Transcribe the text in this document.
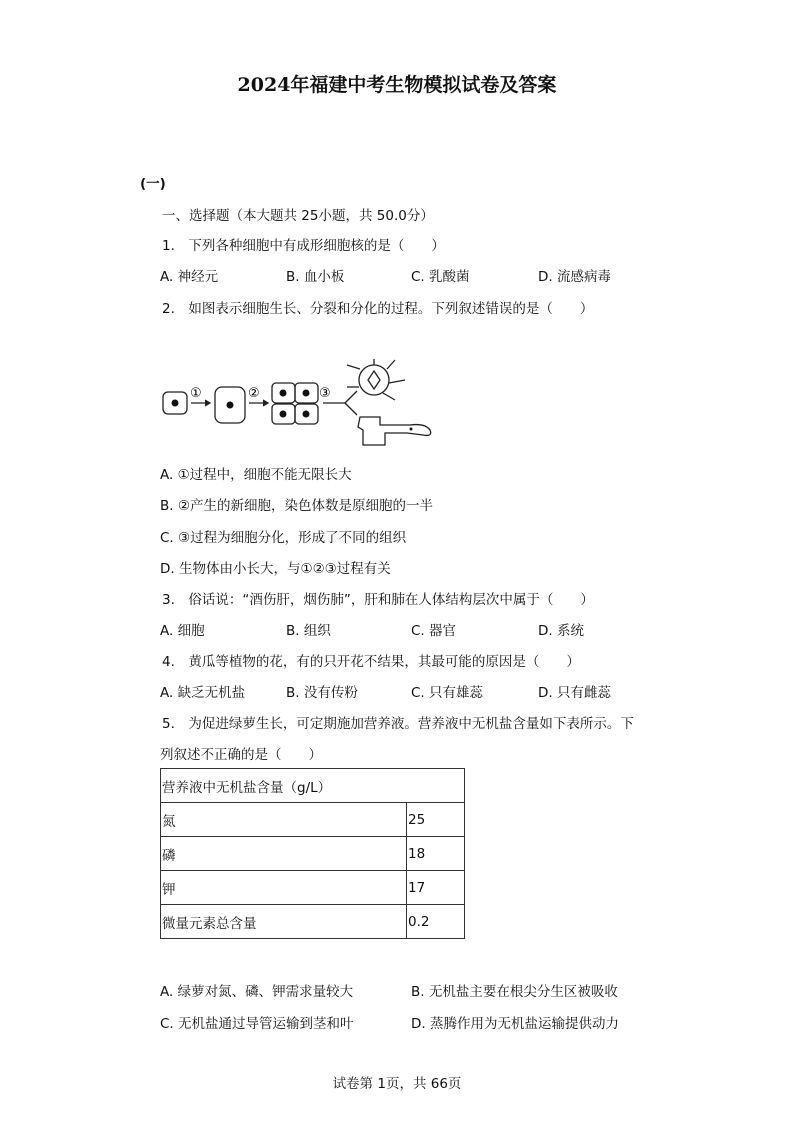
2024年福建中考生物模拟试卷及答案
(一)
一、选择题（本大题共 25小题，共 50.0分）
1.　下列各种细胞中有成形细胞核的是（　　）
A. 神经元	B. 血小板	C. 乳酸菌	D. 流感病毒
2.　如图表示细胞生长、分裂和分化的过程。下列叙述错误的是（　　）
①	②	③
A. ①过程中，细胞不能无限长大
B. ②产生的新细胞，染色体数是原细胞的一半
C. ③过程为细胞分化，形成了不同的组织
D. 生物体由小长大，与①②③过程有关
3.　俗话说：“酒伤肝，烟伤肺”，肝和肺在人体结构层次中属于（　　）
A. 细胞	B. 组织	C. 器官	D. 系统
4.　黄瓜等植物的花，有的只开花不结果，其最可能的原因是（　　）
A. 缺乏无机盐	B. 没有传粉	C. 只有雄蕊	D. 只有雌蕊
5.　为促进绿萝生长，可定期施加营养液。营养液中无机盐含量如下表所示。下
列叙述不正确的是（　　）
营养液中无机盐含量（g/L）	
氮	25
磷	18
钾	17
微量元素总含量	0.2
A. 绿萝对氮、磷、钾需求量较大	B. 无机盐主要在根尖分生区被吸收
C. 无机盐通过导管运输到茎和叶	D. 蒸腾作用为无机盐运输提供动力
试卷第 1页，共 66页
